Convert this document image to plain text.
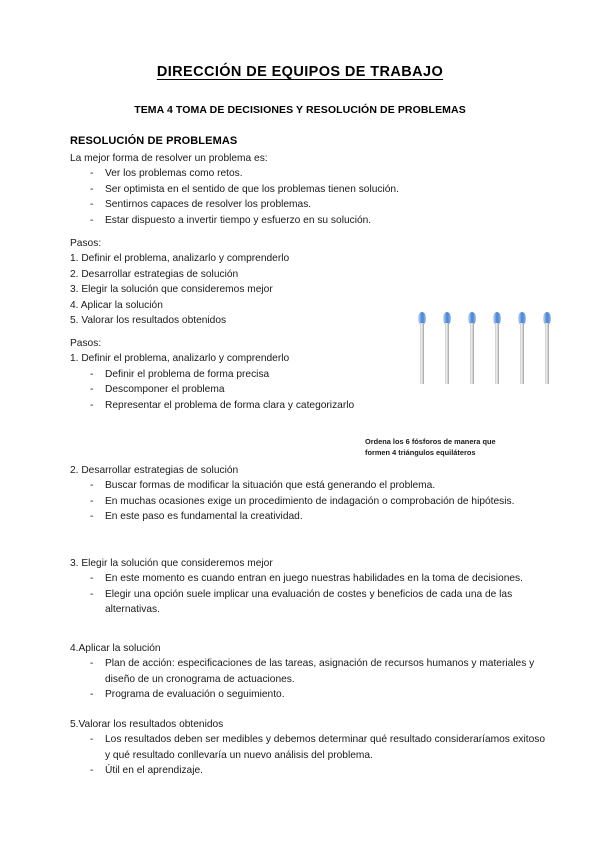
DIRECCIÓN DE EQUIPOS DE TRABAJO
TEMA 4 TOMA DE DECISIONES Y RESOLUCIÓN DE PROBLEMAS
RESOLUCIÓN DE PROBLEMAS

La mejor forma de resolver un problema es:

- Ver los problemas como retos.
- Ser optimista en el sentido de que los problemas tienen solución.
- Sentirnos capaces de resolver los problemas.
- Estar dispuesto a invertir tiempo y esfuerzo en su solución.

Pasos:

1. Definir el problema, analizarlo y comprenderlo
2. Desarrollar estrategias de solución
3. Elegir la solución que consideremos mejor
4. Aplicar la solución
5. Valorar los resultados obtenidos

Pasos:

1. Definir el problema, analizarlo y comprenderlo

- Definir el problema de forma precisa
- Descomponer el problema
- Representar el problema de forma clara y categorizarlo

Ordena los 6 fósforos de manera que

formen 4 triángulos equiláteros

2. Desarrollar estrategias de solución

- Buscar formas de modificar la situación que está generando el problema.
- En muchas ocasiones exige un procedimiento de indagación o comprobación de hipótesis.
- En este paso es fundamental la creatividad.

3. Elegir la solución que consideremos mejor

- En este momento es cuando entran en juego nuestras habilidades en la toma de decisiones.
- Elegir una opción suele implicar una evaluación de costes y beneficios de cada una de las alternativas.

4.Aplicar la solución

- Plan de acción: especificaciones de las tareas, asignación de recursos humanos y materiales y diseño de un cronograma de actuaciones.
- Programa de evaluación o seguimiento.

5.Valorar los resultados obtenidos

- Los resultados deben ser medibles y debemos determinar qué resultado consideraríamos exitoso y qué resultado conllevaría un nuevo análisis del problema.
- Útil en el aprendizaje.
